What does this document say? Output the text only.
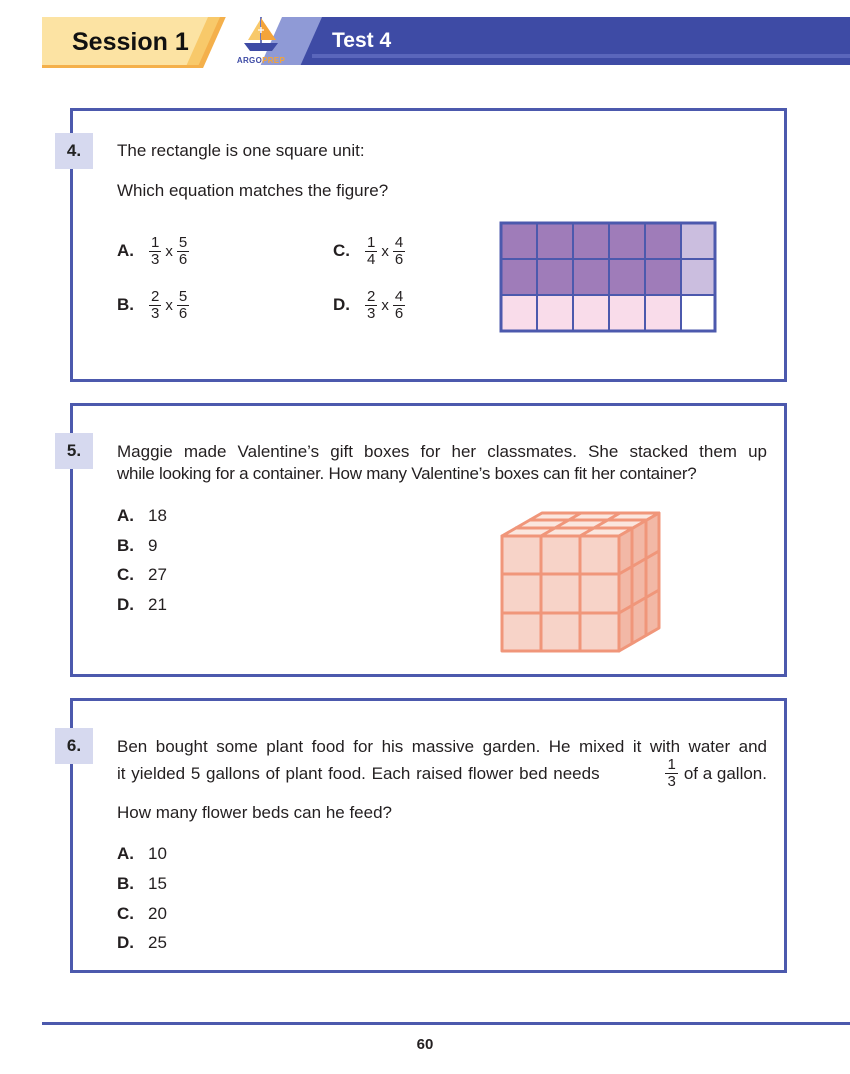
Session 1	Test 4
ARGOPREP
4.	The rectangle is one square unit:
Which equation matches the figure?
A.	$\frac{1}{3}$ x $\frac{5}{6}$
B.	$\frac{2}{3}$ x $\frac{5}{6}$
C.	$\frac{1}{4}$ x $\frac{4}{6}$
D.	$\frac{2}{3}$ x $\frac{4}{6}$
5.	Maggie made Valentine’s gift boxes for her classmates. She stacked them up
while looking for a container. How many Valentine’s boxes can fit her container?
A. 18
B. 9
C. 27
D. 21
6.	Ben bought some plant food for his massive garden. He mixed it with water and
it yielded 5 gallons of plant food. Each raised flower bed needs	$\frac{1}{3}$ of a gallon.
How many flower beds can he feed?
A. 10
B. 15
C. 20
D. 25
60
